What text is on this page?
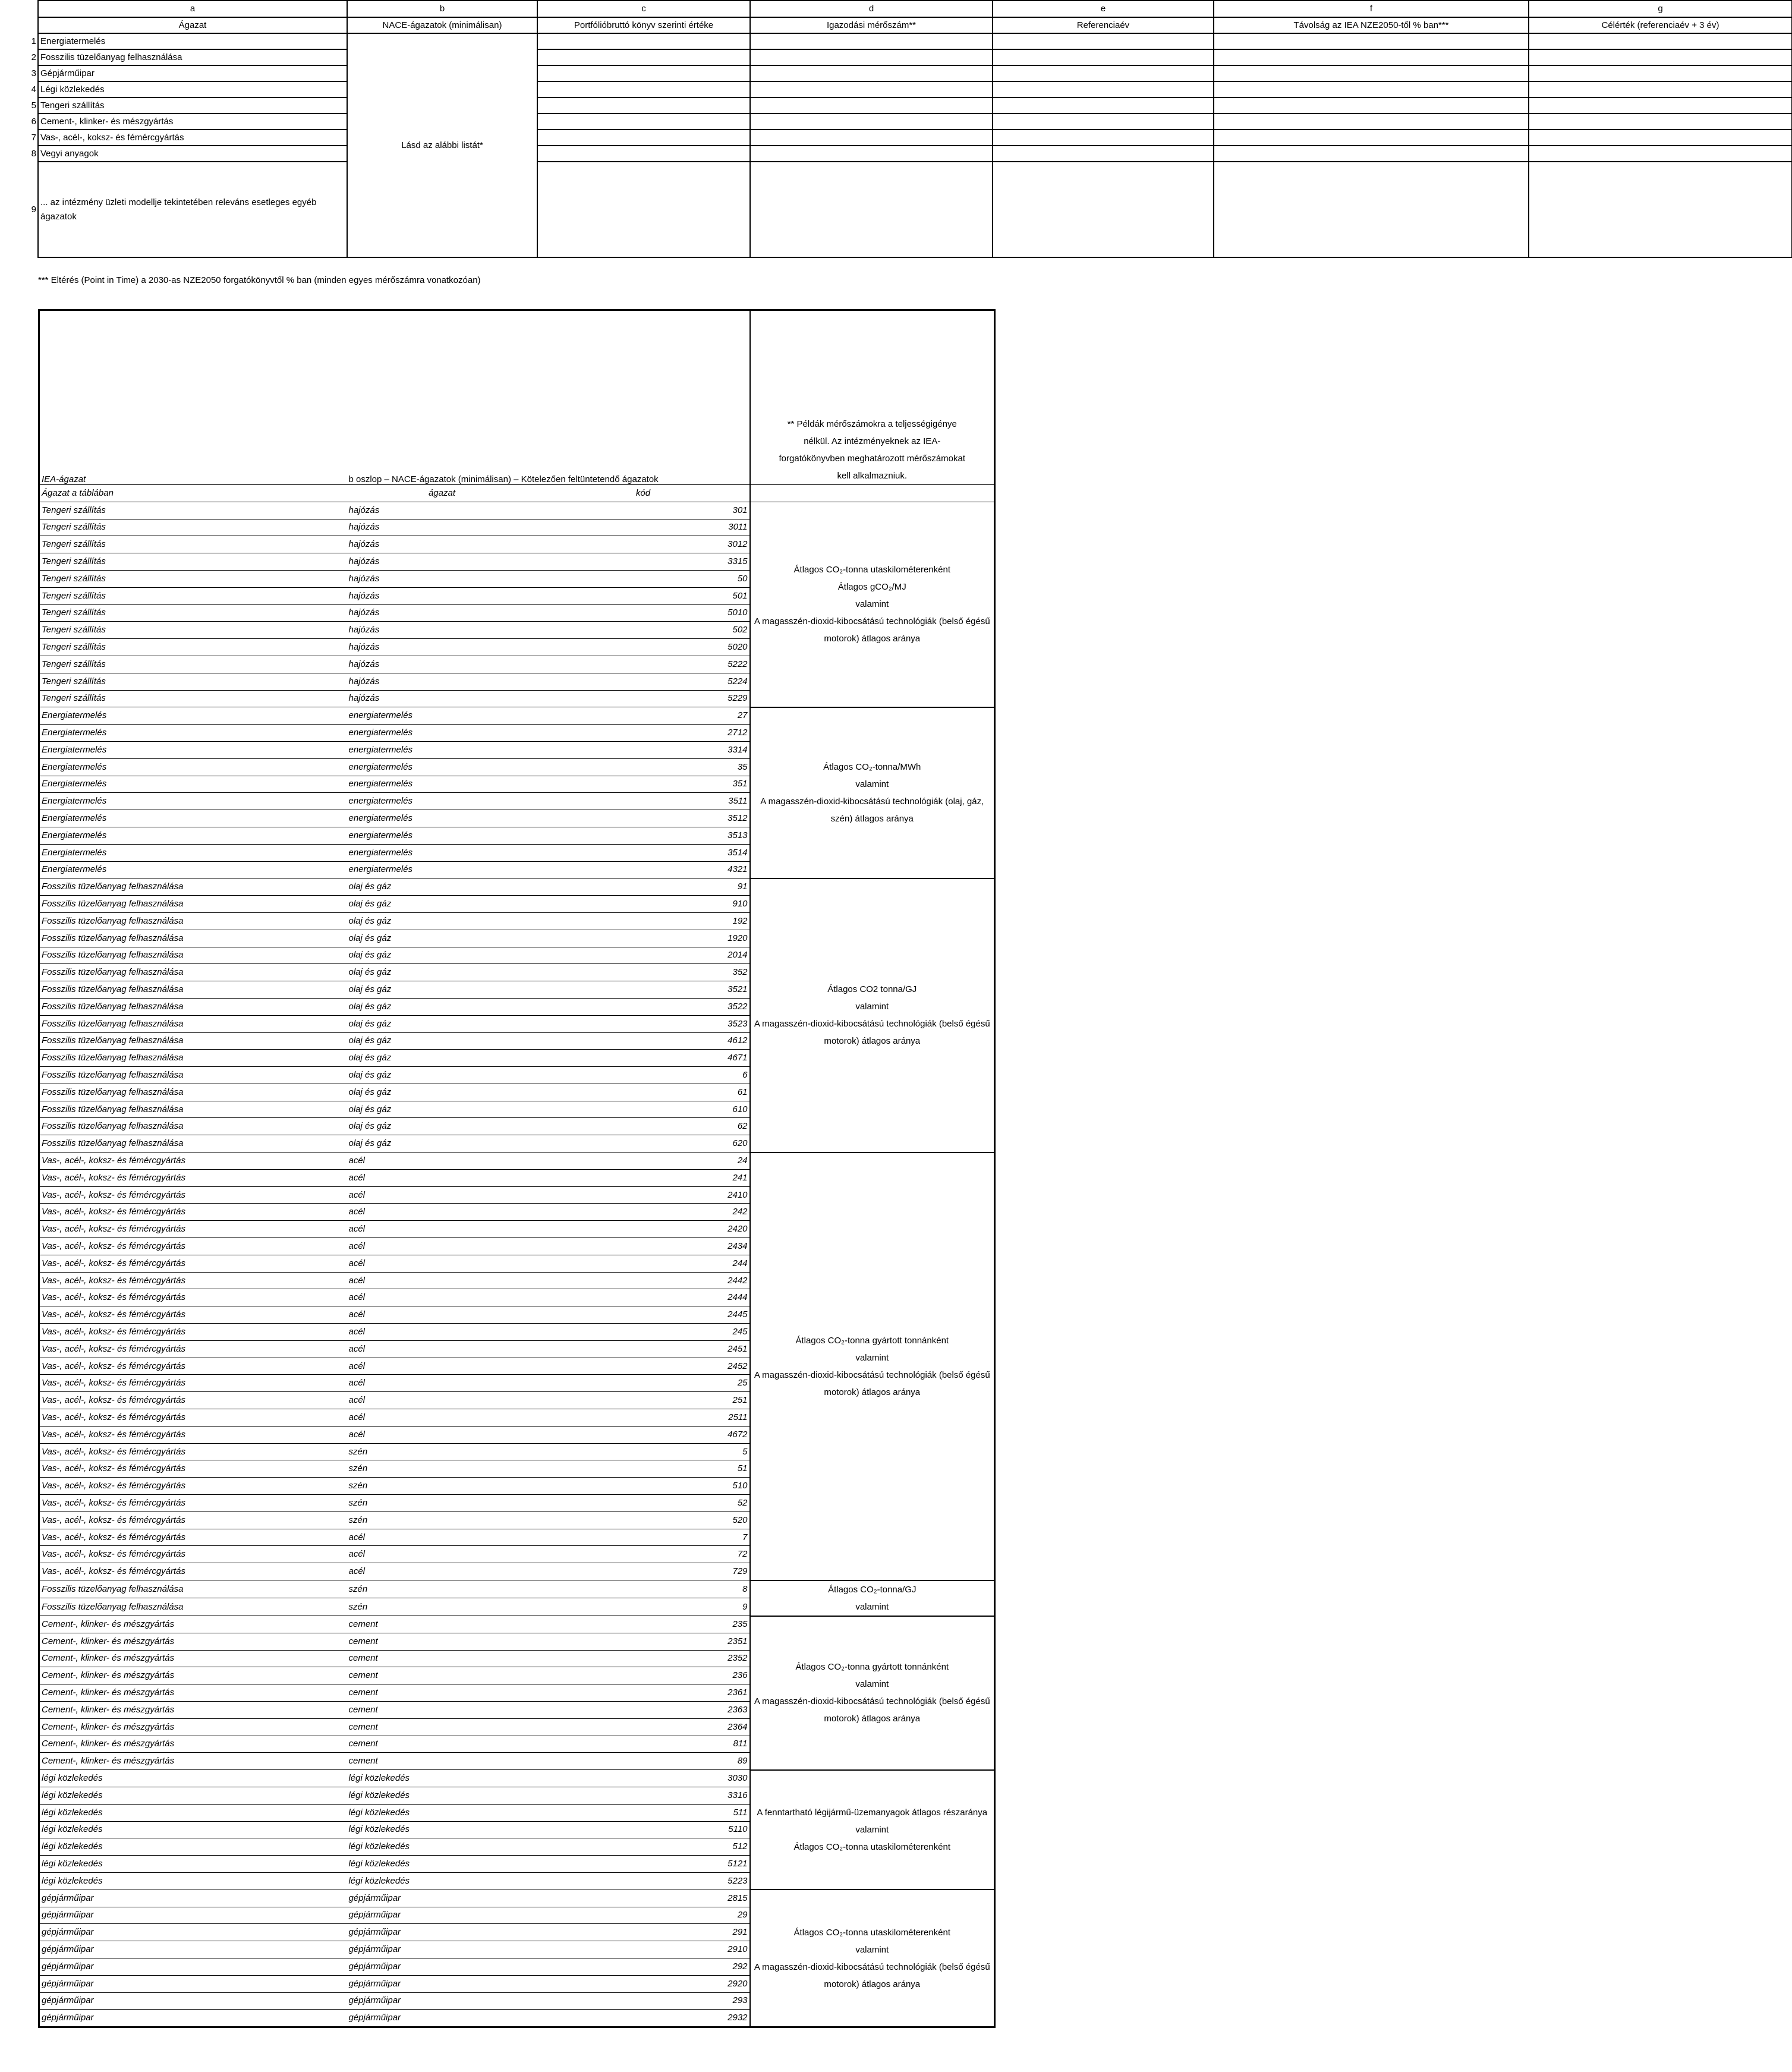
	a	b	c	d	e	f	g
	Ágazat	NACE-ágazatok (minimálisan)	Portfólióbruttó könyv szerinti értéke	Igazodási mérőszám**	Referenciaév	Távolság az IEA NZE2050-től % ban***	Célérték (referenciaév + 3 év)
1	Energiatermelés	Lásd az alábbi listát*					
2	Fosszilis tüzelőanyag felhasználása						
3	Gépjárműipar						
4	Légi közlekedés						
5	Tengeri szállítás						
6	Cement-, klinker- és mészgyártás						
7	Vas-, acél-, koksz- és fémércgyártás						
8	Vegyi anyagok						
9	... az intézmény üzleti modellje tekintetében releváns esetleges egyéb ágazatok						
*** Eltérés (Point in Time) a 2030-as NZE2050 forgatókönyvtől % ban (minden egyes mérőszámra vonatkozóan)
IEA-ágazat	b oszlop – NACE-ágazatok (minimálisan) – Kötelezően feltüntetendő ágazatok		** Példák mérőszámokra a teljességigénye nélkül. Az intézményeknek az IEA-forgatókönyvben meghatározott mérőszámokat kell alkalmazniuk.
Ágazat a táblában	ágazat	kód	
Tengeri szállítás	hajózás	301	Átlagos CO₂-tonna utaskilométerenként
Átlagos gCO₂/MJ
valamint
A magasszén-dioxid-kibocsátású technológiák (belső égésű motorok) átlagos aránya

Tengeri szállítás	hajózás	3011	
Tengeri szállítás	hajózás	3012	
Tengeri szállítás	hajózás	3315	
Tengeri szállítás	hajózás	50	
Tengeri szállítás	hajózás	501	
Tengeri szállítás	hajózás	5010	
Tengeri szállítás	hajózás	502	
Tengeri szállítás	hajózás	5020	
Tengeri szállítás	hajózás	5222	
Tengeri szállítás	hajózás	5224	
Tengeri szállítás	hajózás	5229	
Energiatermelés	energiatermelés	27	Átlagos CO₂-tonna/MWh
valamint
A magasszén-dioxid-kibocsátású technológiák (olaj, gáz, szén) átlagos aránya

Energiatermelés	energiatermelés	2712	
Energiatermelés	energiatermelés	3314	
Energiatermelés	energiatermelés	35	
Energiatermelés	energiatermelés	351	
Energiatermelés	energiatermelés	3511	
Energiatermelés	energiatermelés	3512	
Energiatermelés	energiatermelés	3513	
Energiatermelés	energiatermelés	3514	
Energiatermelés	energiatermelés	4321	
Fosszilis tüzelőanyag felhasználása	olaj és gáz	91	Átlagos CO2 tonna/GJ
valamint
A magasszén-dioxid-kibocsátású technológiák (belső égésű motorok) átlagos aránya

Fosszilis tüzelőanyag felhasználása	olaj és gáz	910	
Fosszilis tüzelőanyag felhasználása	olaj és gáz	192	
Fosszilis tüzelőanyag felhasználása	olaj és gáz	1920	
Fosszilis tüzelőanyag felhasználása	olaj és gáz	2014	
Fosszilis tüzelőanyag felhasználása	olaj és gáz	352	
Fosszilis tüzelőanyag felhasználása	olaj és gáz	3521	
Fosszilis tüzelőanyag felhasználása	olaj és gáz	3522	
Fosszilis tüzelőanyag felhasználása	olaj és gáz	3523	
Fosszilis tüzelőanyag felhasználása	olaj és gáz	4612	
Fosszilis tüzelőanyag felhasználása	olaj és gáz	4671	
Fosszilis tüzelőanyag felhasználása	olaj és gáz	6	
Fosszilis tüzelőanyag felhasználása	olaj és gáz	61	
Fosszilis tüzelőanyag felhasználása	olaj és gáz	610	
Fosszilis tüzelőanyag felhasználása	olaj és gáz	62	
Fosszilis tüzelőanyag felhasználása	olaj és gáz	620	
Vas-, acél-, koksz- és fémércgyártás	acél	24	Átlagos CO₂-tonna gyártott tonnánként
valamint
A magasszén-dioxid-kibocsátású technológiák (belső égésű motorok) átlagos aránya

Vas-, acél-, koksz- és fémércgyártás	acél	241	
Vas-, acél-, koksz- és fémércgyártás	acél	2410	
Vas-, acél-, koksz- és fémércgyártás	acél	242	
Vas-, acél-, koksz- és fémércgyártás	acél	2420	
Vas-, acél-, koksz- és fémércgyártás	acél	2434	
Vas-, acél-, koksz- és fémércgyártás	acél	244	
Vas-, acél-, koksz- és fémércgyártás	acél	2442	
Vas-, acél-, koksz- és fémércgyártás	acél	2444	
Vas-, acél-, koksz- és fémércgyártás	acél	2445	
Vas-, acél-, koksz- és fémércgyártás	acél	245	
Vas-, acél-, koksz- és fémércgyártás	acél	2451	
Vas-, acél-, koksz- és fémércgyártás	acél	2452	
Vas-, acél-, koksz- és fémércgyártás	acél	25	
Vas-, acél-, koksz- és fémércgyártás	acél	251	
Vas-, acél-, koksz- és fémércgyártás	acél	2511	
Vas-, acél-, koksz- és fémércgyártás	acél	4672	
Vas-, acél-, koksz- és fémércgyártás	szén	5	
Vas-, acél-, koksz- és fémércgyártás	szén	51	
Vas-, acél-, koksz- és fémércgyártás	szén	510	
Vas-, acél-, koksz- és fémércgyártás	szén	52	
Vas-, acél-, koksz- és fémércgyártás	szén	520	
Vas-, acél-, koksz- és fémércgyártás	acél	7	
Vas-, acél-, koksz- és fémércgyártás	acél	72	
Vas-, acél-, koksz- és fémércgyártás	acél	729	
Fosszilis tüzelőanyag felhasználása	szén	8	Átlagos CO₂-tonna/GJ
valamint

Fosszilis tüzelőanyag felhasználása	szén	9	
Cement-, klinker- és mészgyártás	cement	235	Átlagos CO₂-tonna gyártott tonnánként
valamint
A magasszén-dioxid-kibocsátású technológiák (belső égésű motorok) átlagos aránya

Cement-, klinker- és mészgyártás	cement	2351	
Cement-, klinker- és mészgyártás	cement	2352	
Cement-, klinker- és mészgyártás	cement	236	
Cement-, klinker- és mészgyártás	cement	2361	
Cement-, klinker- és mészgyártás	cement	2363	
Cement-, klinker- és mészgyártás	cement	2364	
Cement-, klinker- és mészgyártás	cement	811	
Cement-, klinker- és mészgyártás	cement	89	
légi közlekedés	légi közlekedés	3030	A fenntartható légijármű-üzemanyagok átlagos részaránya
valamint
Átlagos CO₂-tonna utaskilométerenként

légi közlekedés	légi közlekedés	3316	
légi közlekedés	légi közlekedés	511	
légi közlekedés	légi közlekedés	5110	
légi közlekedés	légi közlekedés	512	
légi közlekedés	légi közlekedés	5121	
légi közlekedés	légi közlekedés	5223	
gépjárműipar	gépjárműipar	2815	Átlagos CO₂-tonna utaskilométerenként
valamint
A magasszén-dioxid-kibocsátású technológiák (belső égésű motorok) átlagos aránya

gépjárműipar	gépjárműipar	29	
gépjárműipar	gépjárműipar	291	
gépjárműipar	gépjárműipar	2910	
gépjárműipar	gépjárműipar	292	
gépjárműipar	gépjárműipar	2920	
gépjárműipar	gépjárműipar	293	
gépjárműipar	gépjárműipar	2932	
